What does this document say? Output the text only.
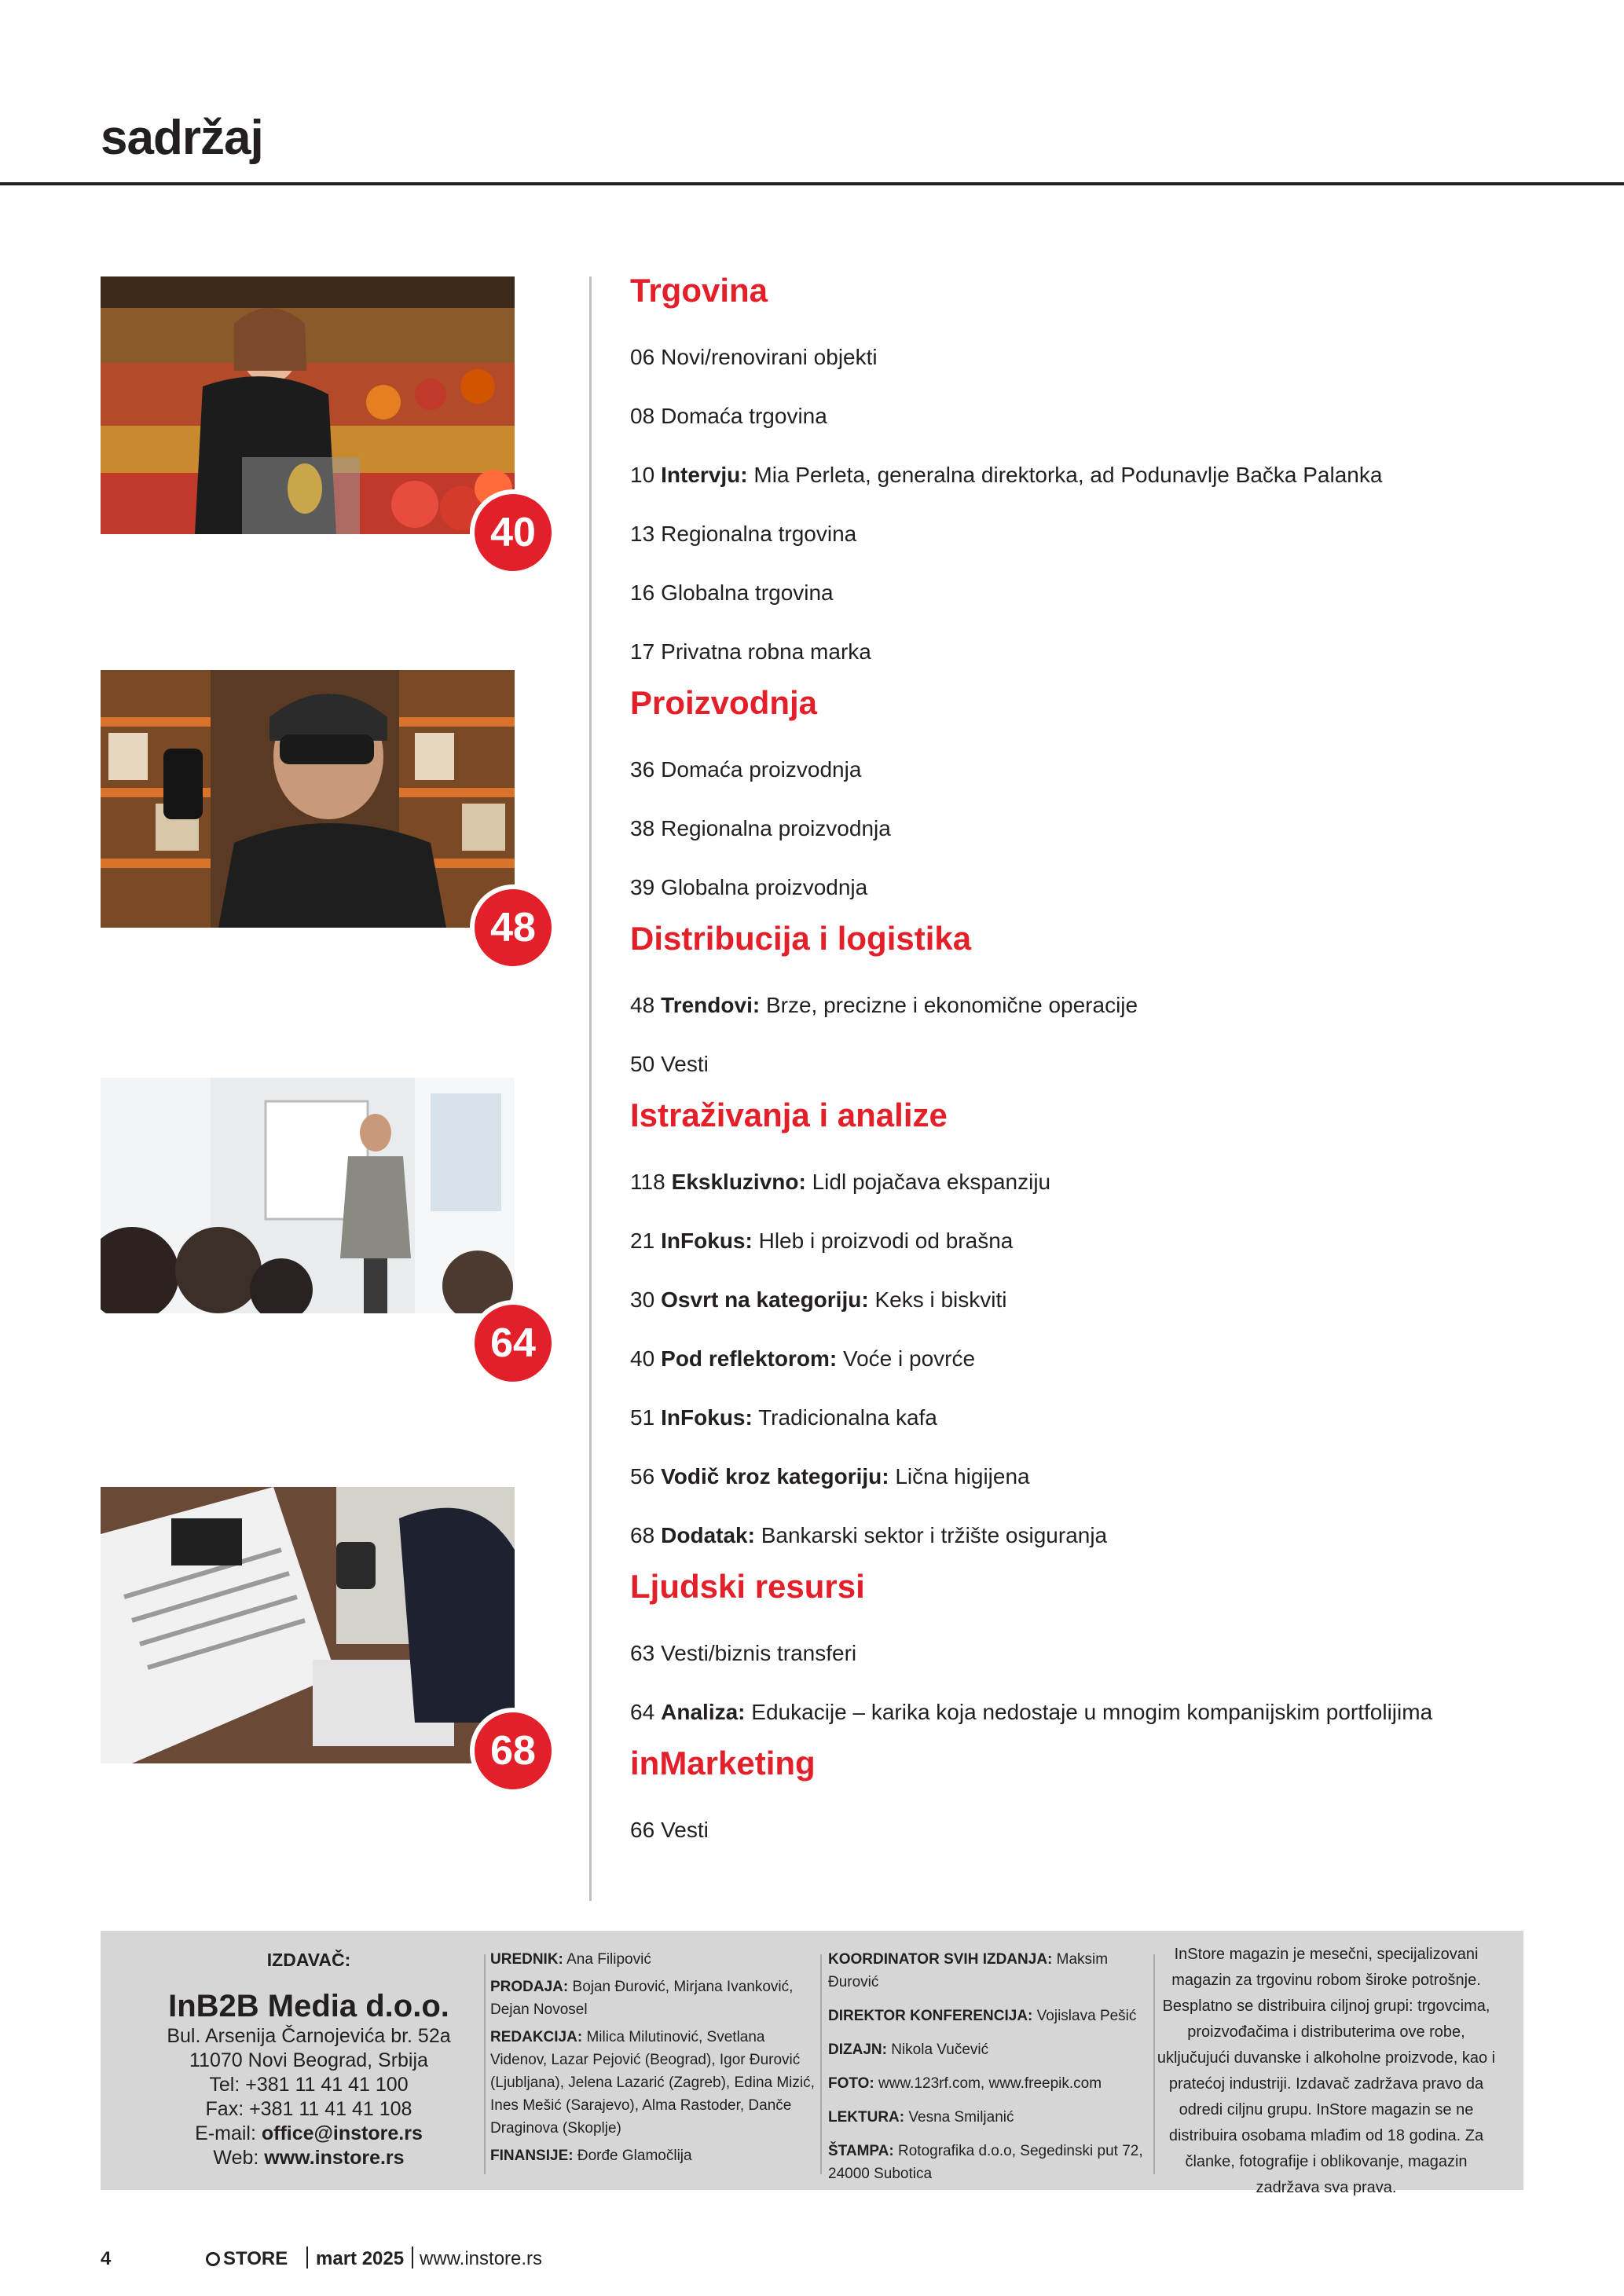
sadržaj
40
48
64
68
Trgovina
06 Novi/renovirani objekti
08 Domaća trgovina
10 Intervju: Mia Perleta, generalna direktorka, ad Podunavlje Bačka Palanka
13 Regionalna trgovina
16 Globalna trgovina
17 Privatna robna marka
Proizvodnja
36 Domaća proizvodnja
38 Regionalna proizvodnja
39 Globalna proizvodnja
Distribucija i logistika
48 Trendovi: Brze, precizne i ekonomične operacije
50 Vesti
Istraživanja i analize
118 Ekskluzivno: Lidl pojačava ekspanziju
21 InFokus: Hleb i proizvodi od brašna
30 Osvrt na kategoriju: Keks i biskviti
40 Pod reflektorom: Voće i povrće
51 InFokus: Tradicionalna kafa
56 Vodič kroz kategoriju: Lična higijena
68 Dodatak: Bankarski sektor i tržište osiguranja
Ljudski resursi
63 Vesti/biznis transferi
64 Analiza: Edukacije – karika koja nedostaje u mnogim kompanijskim portfolijima
inMarketing
66 Vesti
IZDAVAČ:
InB2B Media d.o.o.
Bul. Arsenija Čarnojevića br. 52a
11070 Novi Beograd, Srbija
Tel: +381 11 41 41 100
Fax: +381 11 41 41 108
E-mail: office@instore.rs
Web: www.instore.rs

UREDNIK: Ana Filipović

PRODAJA: Bojan Đurović, Mirjana Ivanković, Dejan Novosel

REDAKCIJA: Milica Milutinović, Svetlana Videnov, Lazar Pejović (Beograd), Igor Đurović (Ljubljana), Jelena Lazarić (Zagreb), Edina Mizić, Ines Mešić (Sarajevo), Alma Rastoder, Danče Draginova (Skoplje)

FINANSIJE: Đorđe Glamočlija

KOORDINATOR SVIH IZDANJA: Maksim Đurović

DIREKTOR KONFERENCIJA: Vojislava Pešić

DIZAJN: Nikola Vučević

FOTO: www.123rf.com, www.freepik.com

LEKTURA: Vesna Smiljanić

ŠTAMPA: Rotografika d.o.o, Segedinski put 72, 24000 Subotica

InStore magazin je mesečni, specijalizovani magazin za trgovinu robom široke potrošnje. Besplatno se distribuira ciljnoj grupi: trgovcima, proizvođačima i distributerima ove robe, uključujući duvanske i alkoholne proizvode, kao i pratećoj industriji. Izdavač zadržava pravo da odredi ciljnu grupu. InStore magazin se ne distribuira osobama mlađim od 18 godina. Za članke, fotografije i oblikovanje, magazin zadržava sva prava.
4	STORE mart 2025 www.instore.rs
